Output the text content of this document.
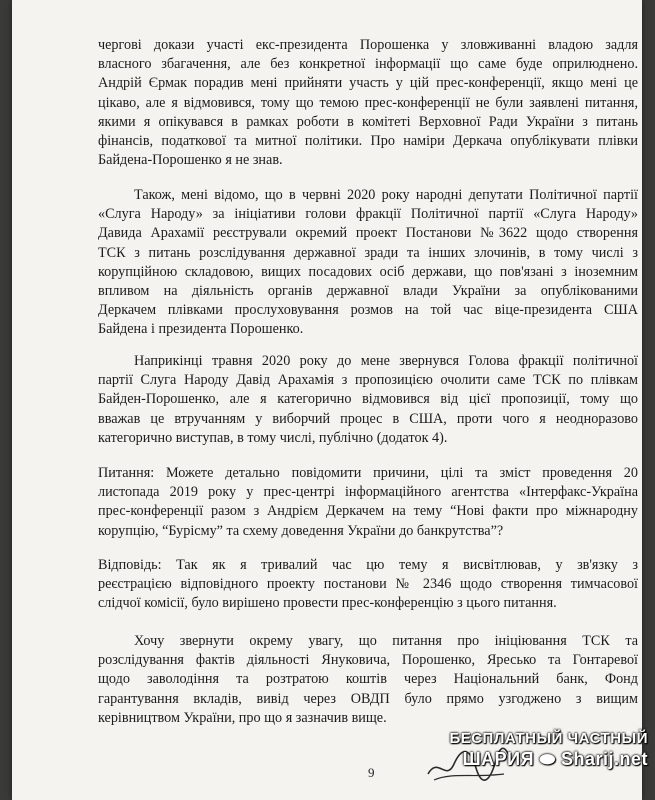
чергові докази участі екс-президента Порошенка у зловживанні владою задля
власного збагачення, але без конкретної інформації що саме буде оприлюднено.
Андрій Єрмак порадив мені прийняти участь у цій прес-конференції, якщо мені це
цікаво, але я відмовився, тому що темою прес-конференції не були заявлені питання,
якими я опікувався в рамках роботи в комітеті Верховної Ради України з питань
фінансів, податкової та митної політики. Про наміри Деркача опублікувати плівки
Байдена-Порошенко я не знав.
Також, мені відомо, що в червні 2020 року народні депутати Політичної партії
«Слуга Народу» за ініціативи голови фракції Політичної партії «Слуга Народу»
Давида Арахамії реєстрували окремий проект Постанови №3622 щодо створення
ТСК з питань розслідування державної зради та інших злочинів, в тому числі з
корупційною складовою, вищих посадових осіб держави, що пов'язані з іноземним
впливом на діяльність органів державної влади України за опублікованими
Деркачем плівками прослуховування розмов на той час віце-президента США
Байдена і президента Порошенко.
Наприкінці травня 2020 року до мене звернувся Голова фракції політичної
партії Слуга Народу Давід Арахамія з пропозицією очолити саме ТСК по плівкам
Байден-Порошенко, але я категорично відмовився від цієї пропозиції, тому що
вважав це втручанням у виборчий процес в США, проти чого я неодноразово
категорично виступав, в тому числі, публічно (додаток 4).
Питання: Можете детально повідомити причини, цілі та зміст проведення 20
листопада 2019 року у прес-центрі інформаційного агентства «Інтерфакс-Україна
прес-конференції разом з Андрієм Деркачем на тему “Нові факти про міжнародну
корупцію, “Бурісму” та схему доведення України до банкрутства”?
Відповідь: Так як я тривалий час цю тему я висвітлював, у зв'язку з
реєстрацією відповідного проекту постанови № 2346 щодо створення тимчасової
слідчої комісії, було вирішено провести прес-конференцію з цього питання.
Хочу звернути окрему увагу, що питання про ініціювання ТСК та
розслідування фактів діяльності Януковича, Порошенко, Яресько та Гонтаревої
щодо заволодіння та розтратою коштів через Національний банк, Фонд
гарантування вкладів, вивід через ОВДП було прямо узгоджено з вищим
керівництвом України, про що я зазначив вище.
9
БЕСПЛАТНЫЙ ЧАСТНЫЙ
ШАРИЯ ⬬ Sharij.net
